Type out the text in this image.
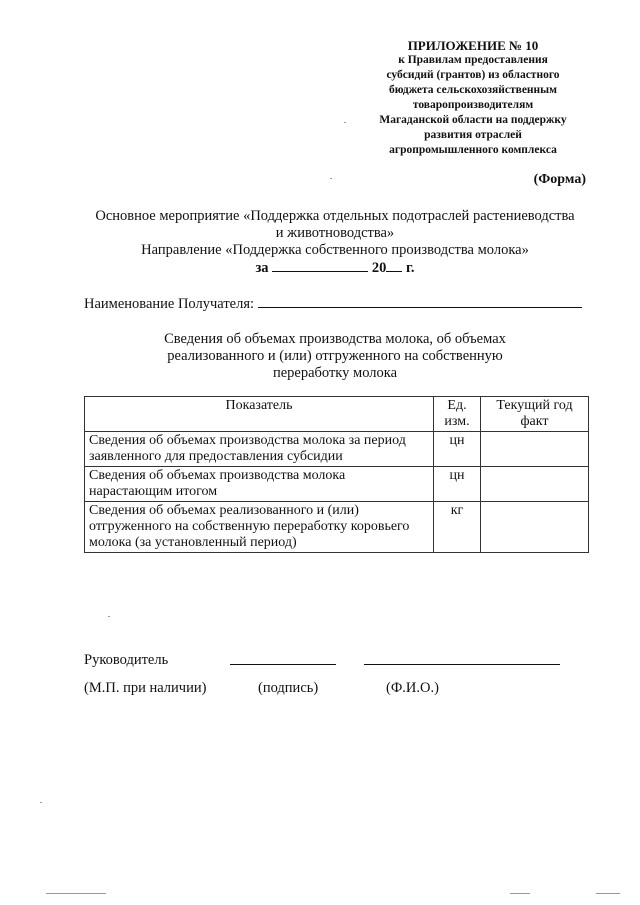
ПРИЛОЖЕНИЕ № 10
к Правилам предоставления
субсидий (грантов) из областного
бюджета сельскохозяйственным
товаропроизводителям
Магаданской области на поддержку
развития отраслей
агропромышленного комплекса
(Форма)
Основное мероприятие «Поддержка отдельных подотраслей растениеводства
и животноводства»
Направление «Поддержка собственного производства молока»
за	20 г.
Наименование Получателя:
Сведения об объемах производства молока, об объемах
реализованного и (или) отгруженного на собственную
переработку молока
Показатель	Ед. изм.	Текущий год факт
Сведения об объемах производства молока за период заявленного для предоставления субсидии	цн	
Сведения об объемах производства молока нарастающим итогом	цн	
Сведения об объемах реализованного и (или) отгруженного на собственную переработку коровьего молока (за установленный период)	кг	
Руководитель
(М.П. при наличии)	(подпись)	(Ф.И.О.)
